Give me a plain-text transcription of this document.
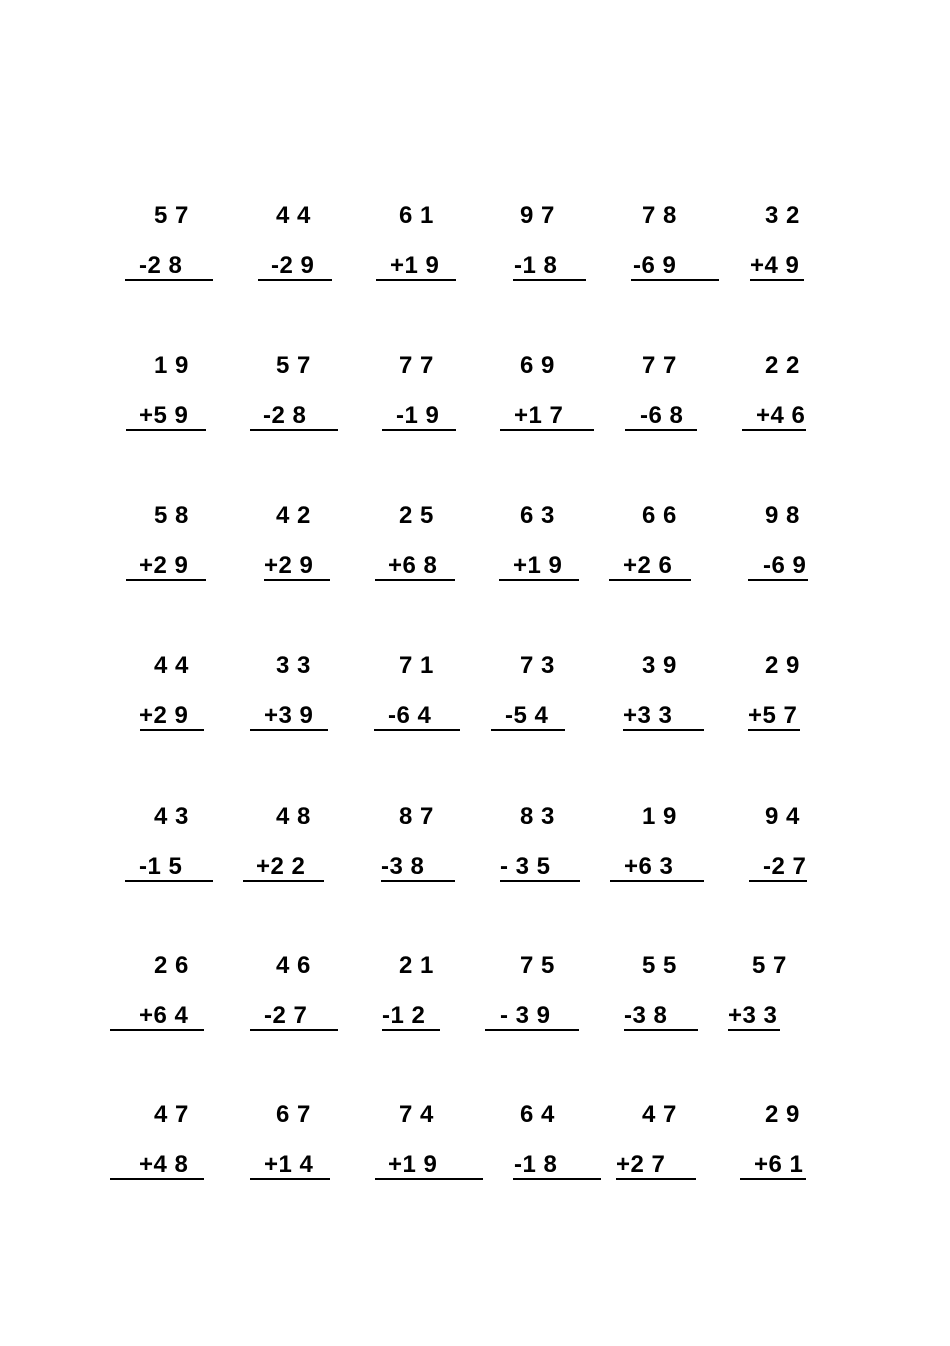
5 7
-2 8
4 4
-2 9
6 1
+1 9
9 7
-1 8
7 8
-6 9
3 2
+4 9
1 9
+5 9
5 7
-2 8
7 7
-1 9
6 9
+1 7
7 7
-6 8
2 2
+4 6
5 8
+2 9
4 2
+2 9
2 5
+6 8
6 3
+1 9
6 6
+2 6
9 8
-6 9
4 4
+2 9
3 3
+3 9
7 1
-6 4
7 3
-5 4
3 9
+3 3
2 9
+5 7
4 3
-1 5
4 8
+2 2
8 7
-3 8
8 3
- 3 5
1 9
+6 3
9 4
-2 7
2 6
+6 4
4 6
-2 7
2 1
-1 2
7 5
- 3 9
5 5
-3 8
5 7
+3 3
4 7
+4 8
6 7
+1 4
7 4
+1 9
6 4
-1 8
4 7
+2 7
2 9
+6 1
